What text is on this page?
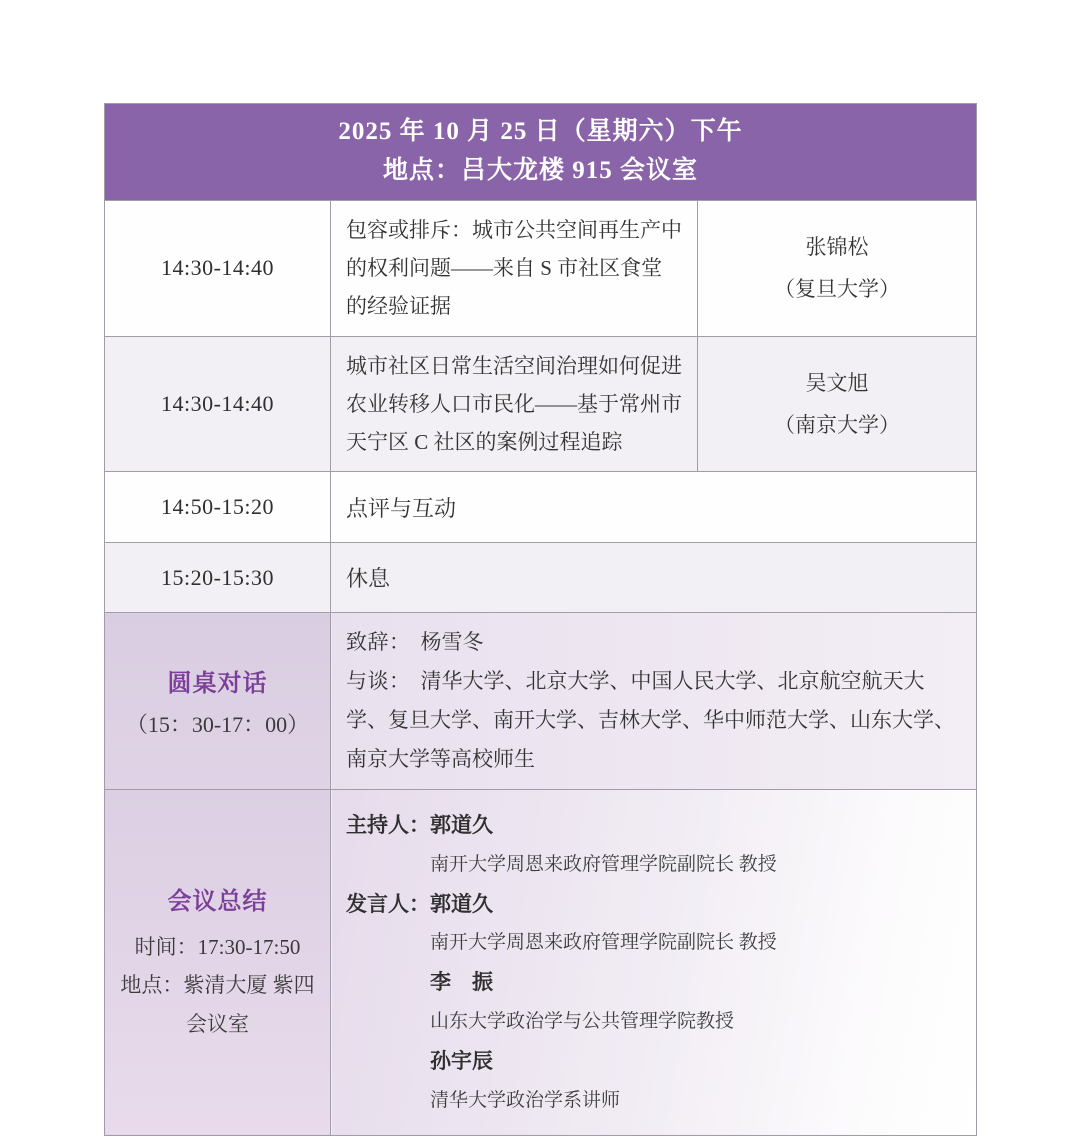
2025 年 10 月 25 日（星期六）下午
地点：吕大龙楼 915 会议室		

14:30-14:40	包容或排斥：城市公共空间再生产中的权利问题——来自 S 市社区食堂的经验证据	张锦松
（复旦大学）

14:30-14:40	城市社区日常生活空间治理如何促进农业转移人口市民化——基于常州市天宁区 C 社区的案例过程追踪	吴文旭
（南京大学）

14:50-15:20	点评与互动	
15:20-15:30	休息	

圆桌对话
（15：30-17：00）

致辞： 杨雪冬
与谈： 清华大学、北京大学、中国人民大学、北京航空航天大学、复旦大学、南开大学、吉林大学、华中师范大学、山东大学、南京大学等高校师生

会议总结
时间：17:30-17:50
地点：紫清大厦 紫四会议室

主持人：郭道久
南开大学周恩来政府管理学院副院长 教授
发言人：郭道久
南开大学周恩来政府管理学院副院长 教授
李　振
山东大学政治学与公共管理学院教授
孙宇辰
清华大学政治学系讲师
